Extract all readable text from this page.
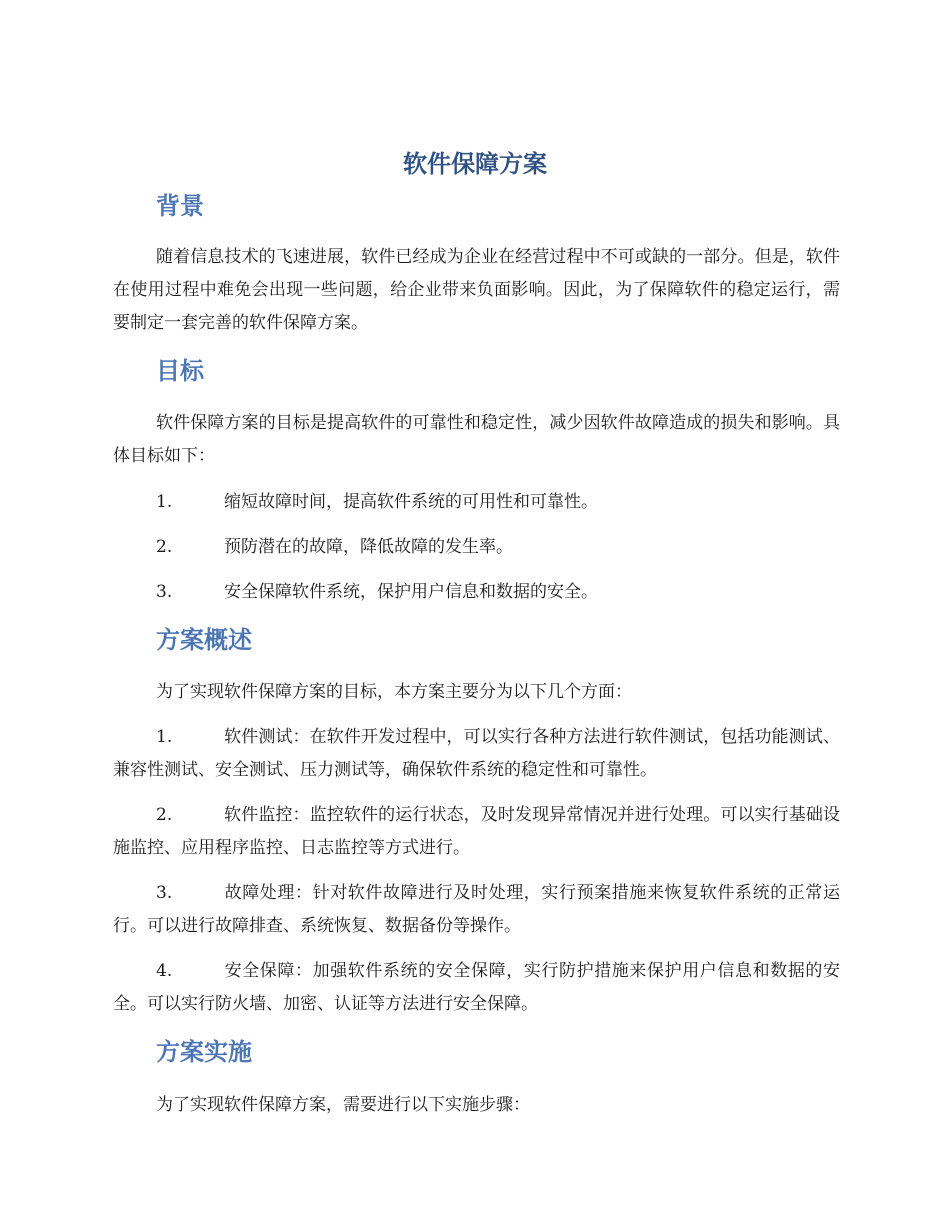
软件保障方案
背景

随着信息技术的飞速进展，软件已经成为企业在经营过程中不可或缺的一部分。但是，软件在使用过程中难免会出现一些问题，给企业带来负面影响。因此，为了保障软件的稳定运行，需要制定一套完善的软件保障方案。

目标

软件保障方案的目标是提高软件的可靠性和稳定性，减少因软件故障造成的损失和影响。具体目标如下：

1.	缩短故障时间，提高软件系统的可用性和可靠性。

2.	预防潜在的故障，降低故障的发生率。

3.	安全保障软件系统，保护用户信息和数据的安全。

方案概述

为了实现软件保障方案的目标，本方案主要分为以下几个方面：

1.	软件测试：在软件开发过程中，可以实行各种方法进行软件测试，包括功能测试、兼容性测试、安全测试、压力测试等，确保软件系统的稳定性和可靠性。

2.	软件监控：监控软件的运行状态，及时发现异常情况并进行处理。可以实行基础设施监控、应用程序监控、日志监控等方式进行。

3.	故障处理：针对软件故障进行及时处理，实行预案措施来恢复软件系统的正常运行。可以进行故障排查、系统恢复、数据备份等操作。

4.	安全保障：加强软件系统的安全保障，实行防护措施来保护用户信息和数据的安全。可以实行防火墙、加密、认证等方法进行安全保障。

方案实施

为了实现软件保障方案，需要进行以下实施步骤：
